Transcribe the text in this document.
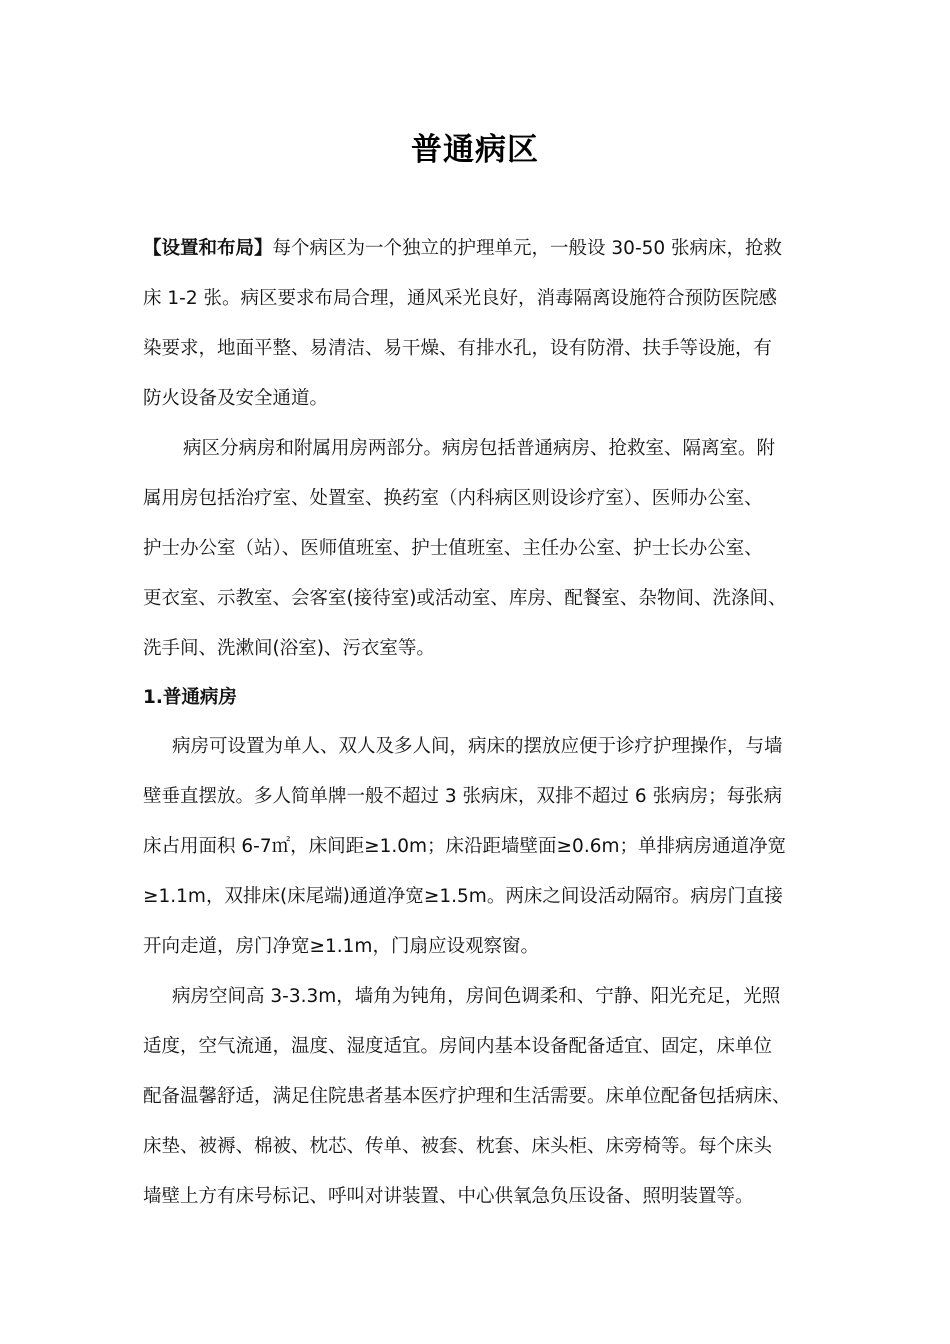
普通病区
【设置和布局】每个病区为一个独立的护理单元，一般设 30-50 张病床，抢救
床 1-2 张。病区要求布局合理，通风采光良好，消毒隔离设施符合预防医院感
染要求，地面平整、易清洁、易干燥、有排水孔，设有防滑、扶手等设施，有
防火设备及安全通道。
病区分病房和附属用房两部分。病房包括普通病房、抢救室、隔离室。附
属用房包括治疗室、处置室、换药室（内科病区则设诊疗室）、医师办公室、
护士办公室（站）、医师值班室、护士值班室、主任办公室、护士长办公室、
更衣室、示教室、会客室(接待室)或活动室、库房、配餐室、杂物间、洗涤间、
洗手间、洗漱间(浴室)、污衣室等。
1.普通病房
病房可设置为单人、双人及多人间，病床的摆放应便于诊疗护理操作，与墙
壁垂直摆放。多人简单牌一般不超过 3 张病床，双排不超过 6 张病房；每张病
床占用面积 6-7㎡，床间距≥1.0m；床沿距墙壁面≥0.6m；单排病房通道净宽
≥1.1m，双排床(床尾端)通道净宽≥1.5m。两床之间设活动隔帘。病房门直接
开向走道，房门净宽≥1.1m，门扇应设观察窗。
病房空间高 3-3.3m，墙角为钝角，房间色调柔和、宁静、阳光充足，光照
适度，空气流通，温度、湿度适宜。房间内基本设备配备适宜、固定，床单位
配备温馨舒适，满足住院患者基本医疗护理和生活需要。床单位配备包括病床、
床垫、被褥、棉被、枕芯、传单、被套、枕套、床头柜、床旁椅等。每个床头
墙壁上方有床号标记、呼叫对讲装置、中心供氧急负压设备、照明装置等。
